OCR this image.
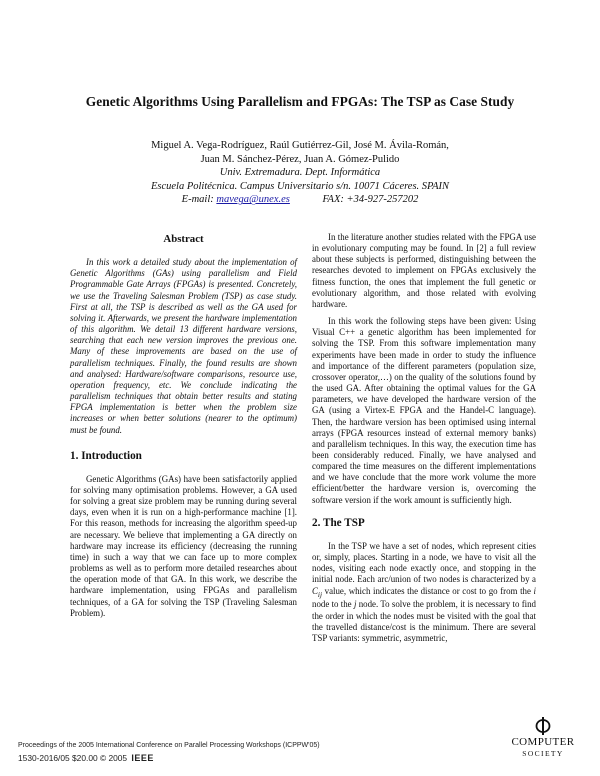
Genetic Algorithms Using Parallelism and FPGAs: The TSP as Case Study
Miguel A. Vega-Rodríguez, Raúl Gutiérrez-Gil, José M. Ávila-Román,
Juan M. Sánchez-Pérez, Juan A. Gómez-Pulido
Univ. Extremadura. Dept. Informática
Escuela Politécnica. Campus Universitario s/n. 10071 Cáceres. SPAIN
E-mail: mavega@unex.es	FAX: +34-927-257202
Abstract

In this work a detailed study about the implementation of Genetic Algorithms (GAs) using parallelism and Field Programmable Gate Arrays (FPGAs) is presented. Concretely, we use the Traveling Salesman Problem (TSP) as case study. First at all, the TSP is described as well as the GA used for solving it. Afterwards, we present the hardware implementation of this algorithm. We detail 13 different hardware versions, searching that each new version improves the previous one. Many of these improvements are based on the use of parallelism techniques. Finally, the found results are shown and analysed: Hardware/software comparisons, resource use, operation frequency, etc. We conclude indicating the parallelism techniques that obtain better results and stating FPGA implementation is better when the problem size increases or when better solutions (nearer to the optimum) must be found.

1. Introduction

Genetic Algorithms (GAs) have been satisfactorily applied for solving many optimisation problems. However, a GA used for solving a great size problem may be running during several days, even when it is run on a high-performance machine [1]. For this reason, methods for increasing the algorithm speed-up are necessary. We believe that implementing a GA directly on hardware may increase its efficiency (decreasing the running time) in such a way that we can face up to more complex problems as well as to perform more detailed researches about the operation mode of that GA. In this work, we describe the hardware implementation, using FPGAs and parallelism techniques, of a GA for solving the TSP (Traveling Salesman Problem).

In the literature another studies related with the FPGA use in evolutionary computing may be found. In [2] a full review about these subjects is performed, distinguishing between the researches devoted to implement on FPGAs exclusively the fitness function, the ones that implement the full genetic or evolutionary algorithm, and those related with evolving hardware.

In this work the following steps have been given: Using Visual C++ a genetic algorithm has been implemented for solving the TSP. From this software implementation many experiments have been made in order to study the influence and importance of the different parameters (population size, crossover operator,…) on the quality of the solutions found by the used GA. After obtaining the optimal values for the GA parameters, we have developed the hardware version of the GA (using a Virtex-E FPGA and the Handel-C language). Then, the hardware version has been optimised using internal arrays (FPGA resources instead of external memory banks) and parallelism techniques. In this way, the execution time has been considerably reduced. Finally, we have analysed and compared the time measures on the different implementations and we have conclude that the more work volume the more efficient/better the hardware version is, overcoming the software version if the work amount is sufficiently high.

2. The TSP

In the TSP we have a set of nodes, which represent cities or, simply, places. Starting in a node, we have to visit all the nodes, visiting each node exactly once, and stopping in the initial node. Each arc/union of two nodes is characterized by a $C_{ij}$ value, which indicates the distance or cost to go from the i node to the j node. To solve the problem, it is necessary to find the order in which the nodes must be visited with the goal that the travelled distance/cost is the minimum. There are several TSP variants: symmetric, asymmetric,

Proceedings of the 2005 International Conference on Parallel Processing Workshops (ICPPW'05)
1530-2016/05 $20.00 © 2005 IEEE
COMPUTER
SOCIETY
